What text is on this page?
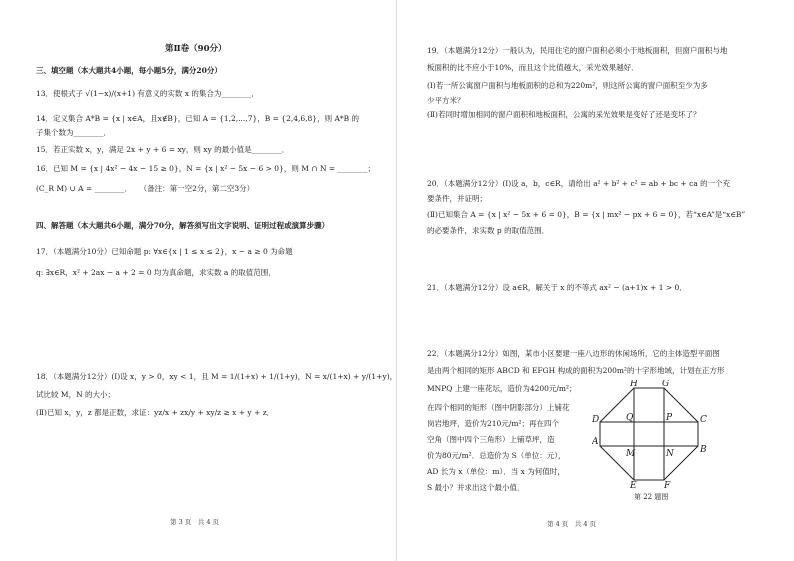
第Ⅱ卷（90分）
三、填空题（本大题共4小题，每小题5分，满分20分）
13．使根式子 √(1−x)/(x+1) 有意义的实数 x 的集合为________．
14．定义集合 A*B = {x | x∈A，且x∉B}，已知 A = {1,2,...,7}，B = {2,4,6,8}，则 A*B 的
子集个数为________．
15．若正实数 x，y，满足 2x + y + 6 = xy，则 xy 的最小值是________．
16．已知 M = {x | 4x² − 4x − 15 ≥ 0}，N = {x | x² − 5x − 6 > 0}，则 M ∩ N = ________；
(C_R M) ∪ A = ________．　　（备注：第一空2分，第二空3分）
四、解答题（本大题共6小题，满分70分，解答须写出文字说明、证明过程或演算步骤）
17．（本题满分10分）已知命题 p: ∀x∈{x | 1 ≤ x ≤ 2}，x − a ≥ 0 为命题
q: ∃x∈R，x² + 2ax − a + 2 = 0 均为真命题，求实数 a 的取值范围．
18．（本题满分12分）(Ⅰ)设 x，y > 0，xy < 1，且 M = 1/(1+x) + 1/(1+y)，N = x/(1+x) + y/(1+y)，
试比较 M，N 的大小；
(Ⅱ)已知 x，y，z 都是正数，求证：yz/x + zx/y + xy/z ≥ x + y + z．
第 3 页　共 4 页
19．（本题满分12分）一般认为，民用住宅的窗户面积必须小于地板面积，但窗户面积与地
板面积的比不应小于10%，而且这个比值越大，采光效果越好．
(Ⅰ)若一所公寓窗户面积与地板面积的总和为220m²，则这所公寓的窗户面积至少为多
少平方米？
(Ⅱ)若同时增加相同的窗户面积和地板面积，公寓的采光效果是变好了还是变坏了？
20．（本题满分12分）(Ⅰ)设 a，b，c∈R，请给出 a² + b² + c² = ab + bc + ca 的一个充
要条件，并证明；
(Ⅱ)已知集合 A = {x | x² − 5x + 6 = 0}，B = {x | mx² − px + 6 = 0}，若“x∈A”是“x∈B”
的必要条件，求实数 p 的取值范围．
21．（本题满分12分）设 a∈R，解关于 x 的不等式 ax² − (a+1)x + 1 > 0．
22．（本题满分12分）如图，某市小区要建一座八边形的休闲场所，它的主体造型平面图
是由两个相同的矩形 ABCD 和 EFGH 构成的面积为200m²的十字形地域，计划在正方形
MNPQ 上建一座花坛，造价为4200元/m²；
在四个相同的矩形（图中阴影部分）上铺花
岗岩地坪，造价为210元/m²；再在四个
空角（图中四个三角形）上铺草坪，造
价为80元/m²．总造价为 S（单位：元），
AD 长为 x（单位：m）．当 x 为何值时，
S 最小？并求出这个最小值．
H	G
D	C
A
B
E	F
Q	P
M	N
第 22 题图
第 4 页　共 4 页
